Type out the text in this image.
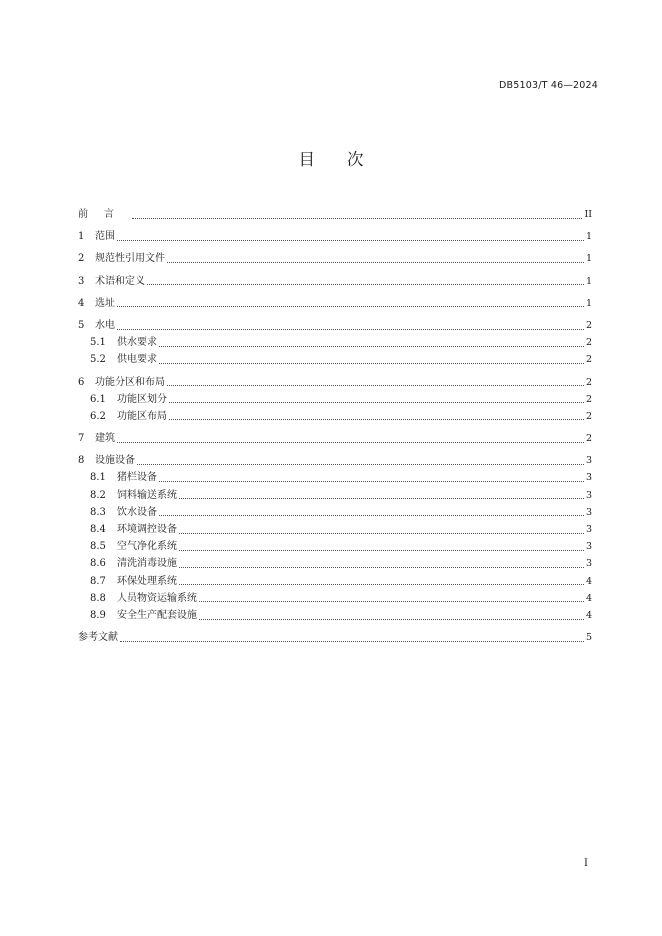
DB5103/T 46—2024
目次
前言	II
1	范围	1
2	规范性引用文件	1
3	术语和定义	1
4	选址	1
5	水电	2
5.1	供水要求	2
5.2	供电要求	2
6	功能分区和布局	2
6.1	功能区划分	2
6.2	功能区布局	2
7	建筑	2
8	设施设备	3
8.1	猪栏设备	3
8.2	饲料输送系统	3
8.3	饮水设备	3
8.4	环境调控设备	3
8.5	空气净化系统	3
8.6	清洗消毒设施	3
8.7	环保处理系统	4
8.8	人员物资运输系统	4
8.9	安全生产配套设施	4
参考文献	5
I
